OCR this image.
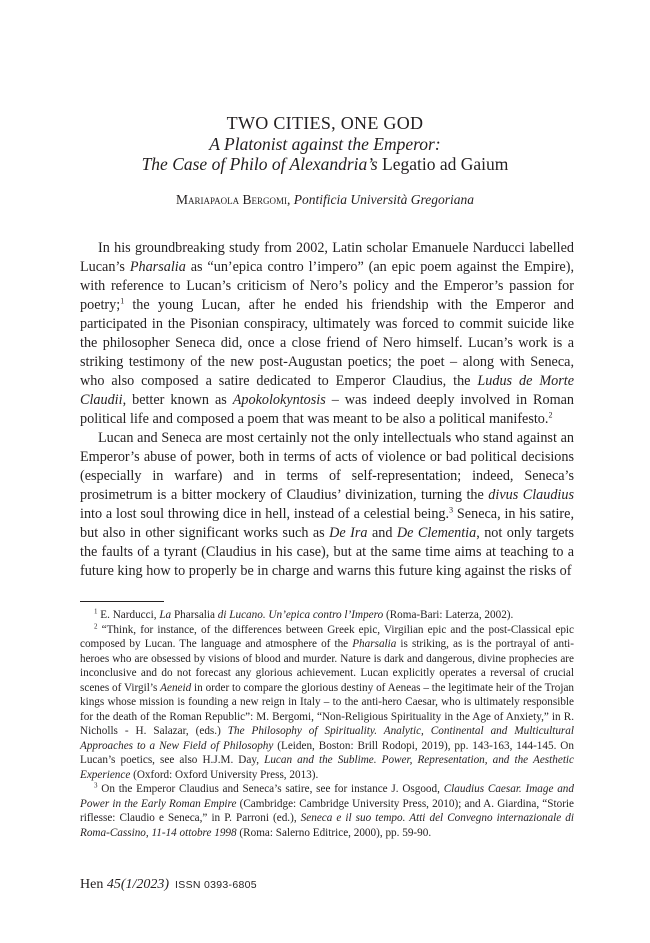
TWO CITIES, ONE GOD
A Platonist against the Emperor:
The Case of Philo of Alexandria’s Legatio ad Gaium
Mariapaola Bergomi, Pontificia Università Gregoriana

In his groundbreaking study from 2002, Latin scholar Emanuele Narducci labelled Lucan’s Pharsalia as “un’epica contro l’impero” (an epic poem against the Empire), with reference to Lucan’s criticism of Nero’s policy and the Emperor’s passion for poetry;$^1$ the young Lucan, after he ended his friendship with the Emperor and participated in the Pisonian conspiracy, ultimately was forced to commit suicide like the philosopher Seneca did, once a close friend of Nero himself. Lucan’s work is a striking testimony of the new post-Augustan poetics; the poet – along with Seneca, who also composed a satire dedicated to Emperor Claudius, the Ludus de Morte Claudii, better known as Apokolokyntosis – was indeed deeply involved in Roman political life and composed a poem that was meant to be also a political manifesto.$^2$

Lucan and Seneca are most certainly not the only intellectuals who stand against an Emperor’s abuse of power, both in terms of acts of violence or bad political decisions (especially in warfare) and in terms of self-representation; indeed, Seneca’s prosimetrum is a bitter mockery of Claudius’ divinization, turning the divus Claudius into a lost soul throwing dice in hell, instead of a celestial being.$^3$ Seneca, in his satire, but also in other significant works such as De Ira and De Clementia, not only targets the faults of a tyrant (Claudius in his case), but at the same time aims at teaching to a future king how to properly be in charge and warns this future king against the risks of

$^1$ E. Narducci, La Pharsalia di Lucano. Un’epica contro l’Impero (Roma-Bari: Laterza, 2002).

$^2$ “Think, for instance, of the differences between Greek epic, Virgilian epic and the post-Classical epic composed by Lucan. The language and atmosphere of the Pharsalia is striking, as is the portrayal of anti-heroes who are obsessed by visions of blood and murder. Nature is dark and dangerous, divine prophecies are inconclusive and do not forecast any glorious achievement. Lucan explicitly operates a reversal of crucial scenes of Virgil’s Aeneid in order to compare the glorious destiny of Aeneas – the legitimate heir of the Trojan kings whose mission is founding a new reign in Italy – to the anti-hero Caesar, who is ultimately responsible for the death of the Roman Republic”: M. Bergomi, “Non-Religious Spirituality in the Age of Anxiety,” in R. Nicholls - H. Salazar, (eds.) The Philosophy of Spirituality. Analytic, Continental and Multicultural Approaches to a New Field of Philosophy (Leiden, Boston: Brill Rodopi, 2019), pp. 143-163, 144-145. On Lucan’s poetics, see also H.J.M. Day, Lucan and the Sublime. Power, Representation, and the Aesthetic Experience (Oxford: Oxford University Press, 2013).

$^3$ On the Emperor Claudius and Seneca’s satire, see for instance J. Osgood, Claudius Caesar. Image and Power in the Early Roman Empire (Cambridge: Cambridge University Press, 2010); and A. Giardina, “Storie riflesse: Claudio e Seneca,” in P. Parroni (ed.), Seneca e il suo tempo. Atti del Convegno internazionale di Roma-Cassino, 11-14 ottobre 1998 (Roma: Salerno Editrice, 2000), pp. 59-90.

Hen 45(1/2023) ISSN 0393-6805
